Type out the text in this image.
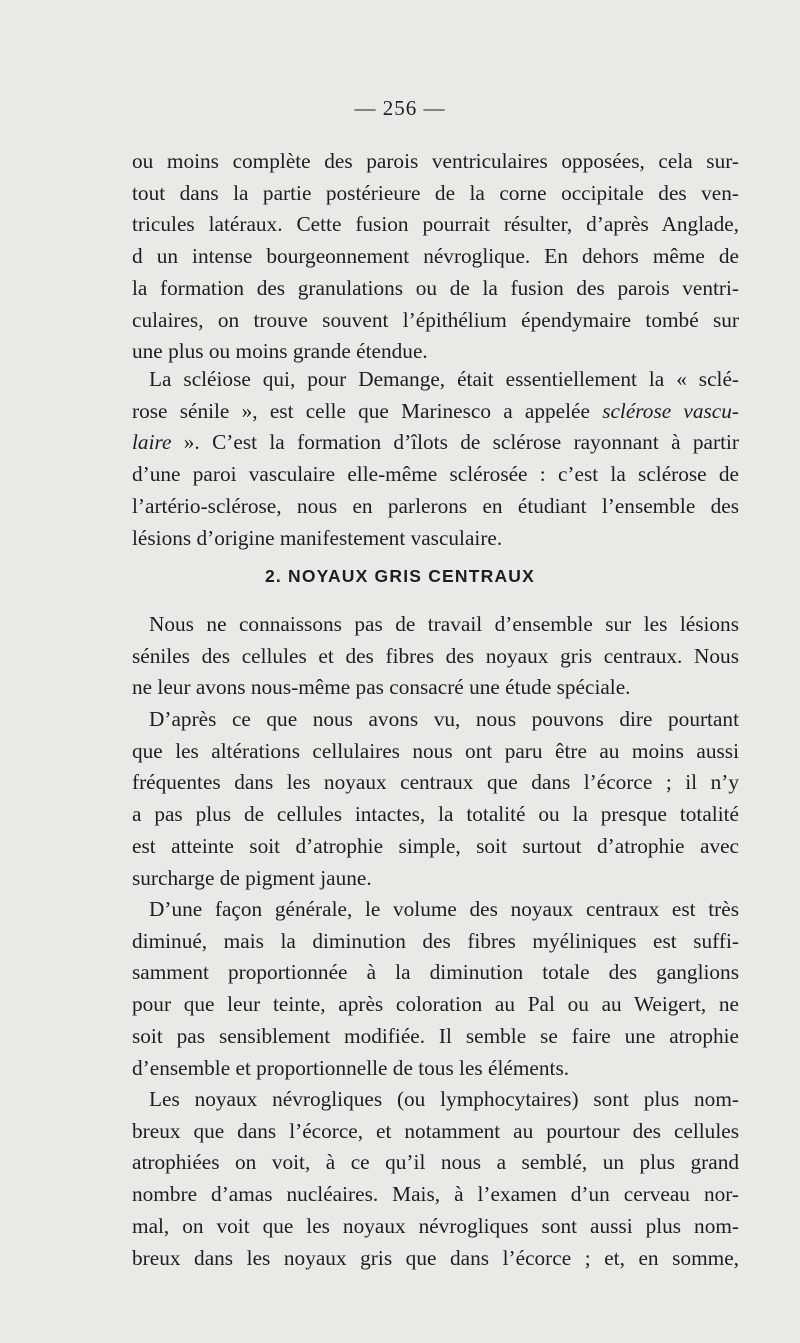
— 256 —
ou moins complète des parois ventriculaires opposées, cela sur-
tout dans la partie postérieure de la corne occipitale des ven-
tricules latéraux. Cette fusion pourrait résulter, d’après Anglade,
d un intense bourgeonnement névroglique. En dehors même de
la formation des granulations ou de la fusion des parois ventri-
culaires, on trouve souvent l’épithélium épendymaire tombé sur
une plus ou moins grande étendue.
La scléiose qui, pour Demange, était essentiellement la « sclé-
rose sénile », est celle que Marinesco a appelée sclérose vascu-
laire ». C’est la formation d’îlots de sclérose rayonnant à partir
d’une paroi vasculaire elle-même sclérosée : c’est la sclérose de
l’artério-sclérose, nous en parlerons en étudiant l’ensemble des
lésions d’origine manifestement vasculaire.
2. NOYAUX GRIS CENTRAUX
Nous ne connaissons pas de travail d’ensemble sur les lésions
séniles des cellules et des fibres des noyaux gris centraux. Nous
ne leur avons nous-même pas consacré une étude spéciale.
D’après ce que nous avons vu, nous pouvons dire pourtant
que les altérations cellulaires nous ont paru être au moins aussi
fréquentes dans les noyaux centraux que dans l’écorce ; il n’y
a pas plus de cellules intactes, la totalité ou la presque totalité
est atteinte soit d’atrophie simple, soit surtout d’atrophie avec
surcharge de pigment jaune.
D’une façon générale, le volume des noyaux centraux est très
diminué, mais la diminution des fibres myéliniques est suffi-
samment proportionnée à la diminution totale des ganglions
pour que leur teinte, après coloration au Pal ou au Weigert, ne
soit pas sensiblement modifiée. Il semble se faire une atrophie
d’ensemble et proportionnelle de tous les éléments.
Les noyaux névrogliques (ou lymphocytaires) sont plus nom-
breux que dans l’écorce, et notamment au pourtour des cellules
atrophiées on voit, à ce qu’il nous a semblé, un plus grand
nombre d’amas nucléaires. Mais, à l’examen d’un cerveau nor-
mal, on voit que les noyaux névrogliques sont aussi plus nom-
breux dans les noyaux gris que dans l’écorce ; et, en somme,
